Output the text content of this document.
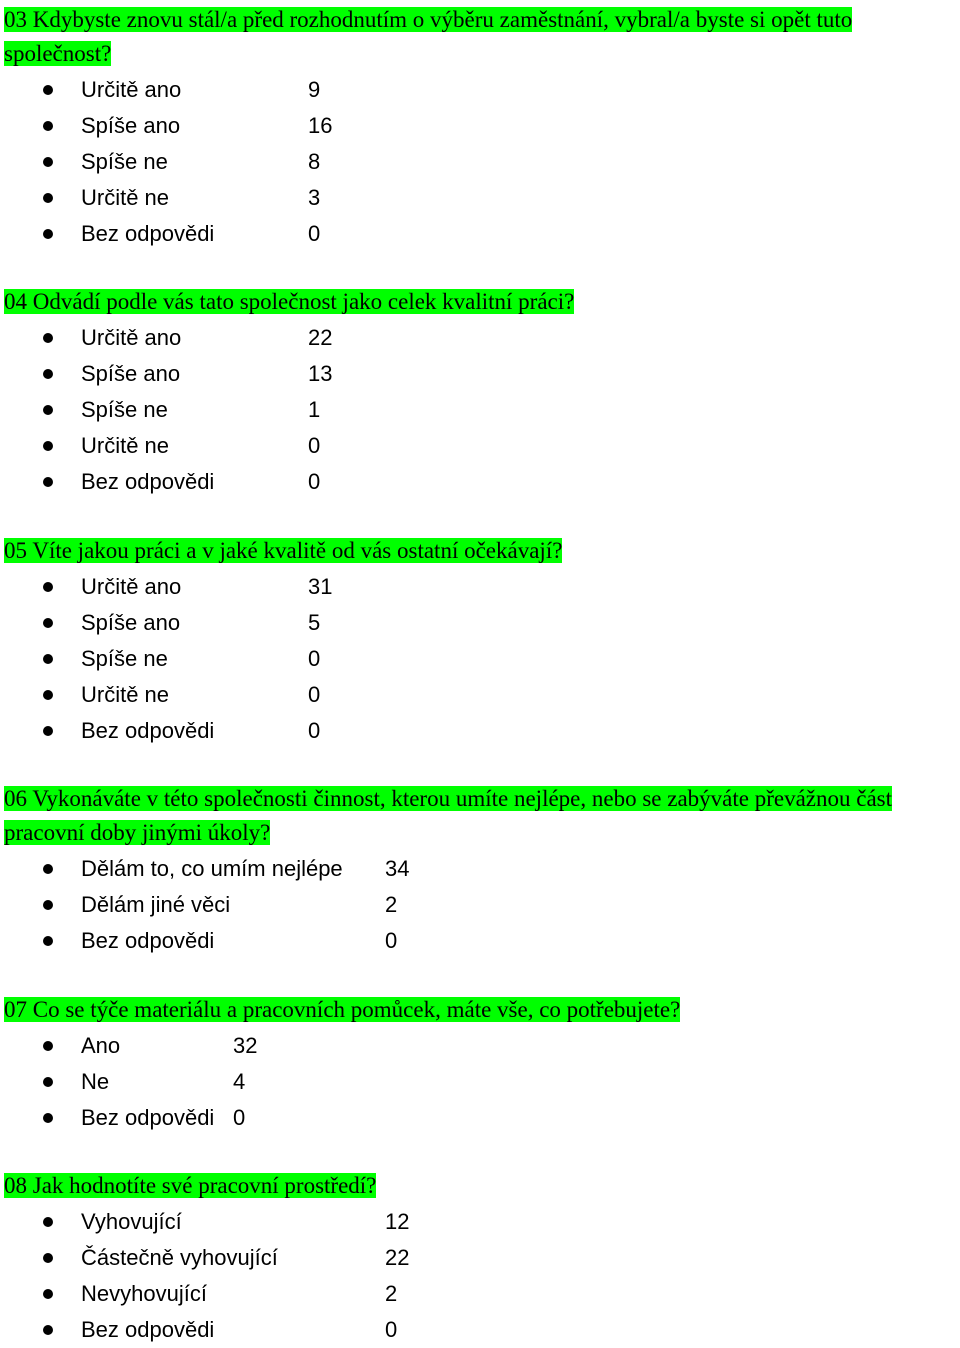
03 Kdybyste znovu stál/a před rozhodnutím o výběru zaměstnání, vybral/a byste si opět tuto společnost?
Určitě ano	9
Spíše ano	16
Spíše ne	8
Určitě ne	3
Bez odpovědi	0
04 Odvádí podle vás tato společnost jako celek kvalitní práci?
Určitě ano	22
Spíše ano	13
Spíše ne	1
Určitě ne	0
Bez odpovědi	0
05 Víte jakou práci a v jaké kvalitě od vás ostatní očekávají?
Určitě ano	31
Spíše ano	5
Spíše ne	0
Určitě ne	0
Bez odpovědi	0
06 Vykonáváte v této společnosti činnost, kterou umíte nejlépe, nebo se zabýváte převážnou část pracovní doby jinými úkoly?
Dělám to, co umím nejlépe 34
Dělám jiné věci	2
Bez odpovědi	0
07 Co se týče materiálu a pracovních pomůcek, máte vše, co potřebujete?
Ano	32
Ne	4
Bez odpovědi 0
08 Jak hodnotíte své pracovní prostředí?
Vyhovující	12
Částečně vyhovující	22
Nevyhovující	2
Bez odpovědi	0
